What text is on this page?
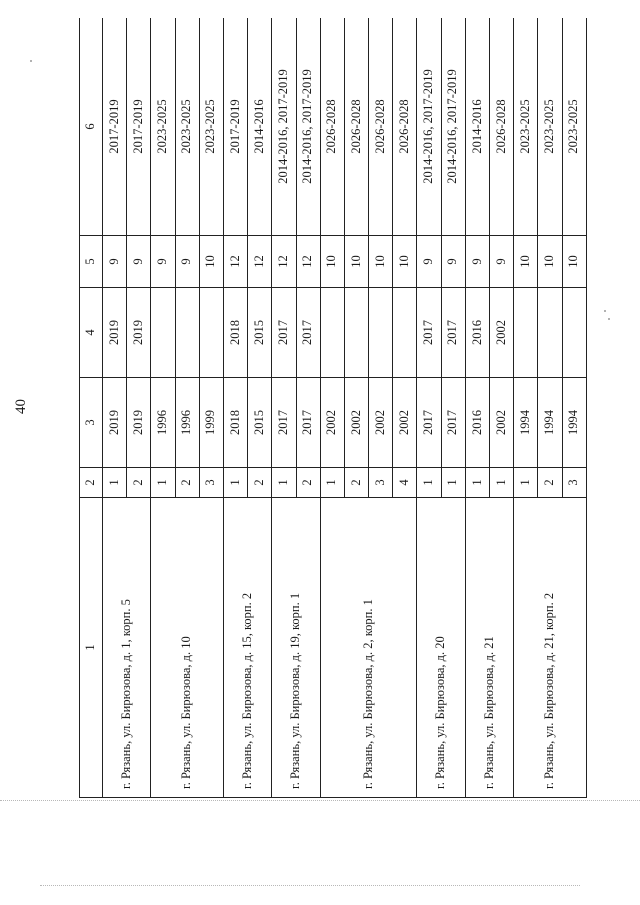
40
1	2	3	4	5	6
г. Рязань, ул. Бирюзова, д. 1, корп. 5	1	2019	2019	9	2017-2019
	2	2019	2019	9	2017-2019
г. Рязань, ул. Бирюзова, д. 10	1	1996		9	2023-2025
	2	1996		9	2023-2025
	3	1999		10	2023-2025
г. Рязань, ул. Бирюзова, д. 15, корп. 2	1	2018	2018	12	2017-2019
	2	2015	2015	12	2014-2016
г. Рязань, ул. Бирюзова, д. 19, корп. 1	1	2017	2017	12	2014-2016, 2017-2019
	2	2017	2017	12	2014-2016, 2017-2019
г. Рязань, ул. Бирюзова, д. 2, корп. 1	1	2002		10	2026-2028
	2	2002		10	2026-2028
	3	2002		10	2026-2028
	4	2002		10	2026-2028
г. Рязань, ул. Бирюзова, д. 20	1	2017	2017	9	2014-2016, 2017-2019
	1	2017	2017	9	2014-2016, 2017-2019
г. Рязань, ул. Бирюзова, д. 21	1	2016	2016	9	2014-2016
	1	2002	2002	9	2026-2028
г. Рязань, ул. Бирюзова, д. 21, корп. 2	1	1994		10	2023-2025
	2	1994		10	2023-2025
	3	1994		10	2023-2025
